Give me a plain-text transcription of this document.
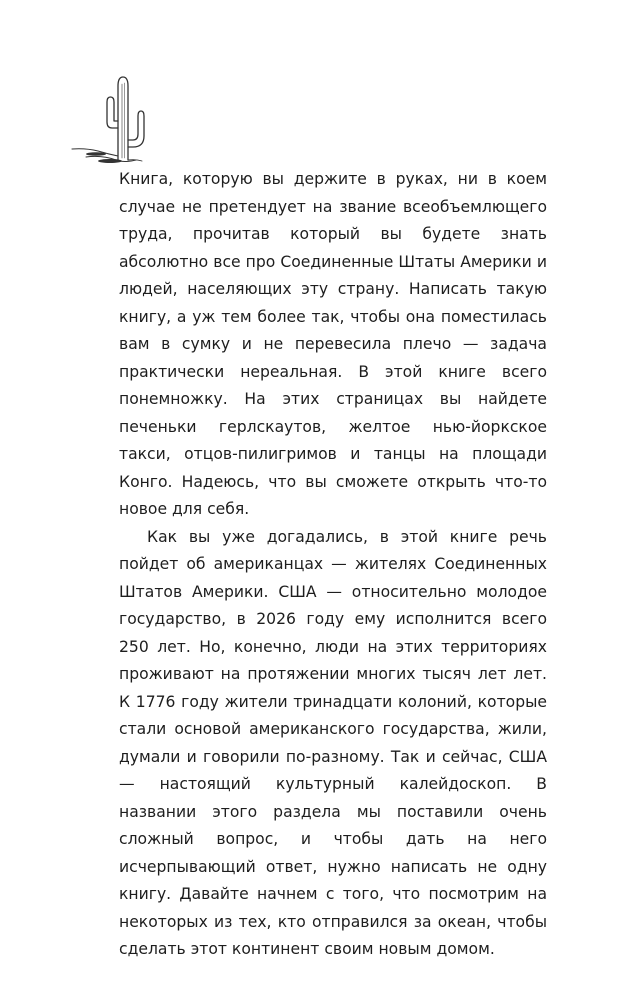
Книга, которую вы держите в руках, ни в коем случае не претендует на звание всеобъемлющего труда, прочитав который вы будете знать абсолютно все про Соединенные Штаты Америки и людей, населяющих эту страну. Написать такую книгу, а уж тем более так, чтобы она поместилась вам в сумку и не перевесила плечо — задача практически нереальная. В этой книге всего понемножку. На этих страницах вы найдете печеньки герлскаутов, желтое нью-йоркское такси, отцов-пилигримов и танцы на площади Конго. Надеюсь, что вы сможете открыть что-то новое для себя.

Как вы уже догадались, в этой книге речь пойдет об американцах — жителях Соединенных Штатов Америки. США — относительно молодое государство, в 2026 году ему исполнится всего 250 лет. Но, конечно, люди на этих территориях проживают на протяжении многих тысяч лет лет. К 1776 году жители тринадцати колоний, которые стали основой американского государства, жили, думали и говорили по-разному. Так и сейчас, США — настоящий культурный калейдоскоп. В названии этого раздела мы поставили очень сложный вопрос, и чтобы дать на него исчерпывающий ответ, нужно написать не одну книгу. Давайте начнем с того, что посмотрим на некоторых из тех, кто отправился за океан, чтобы сделать этот континент своим новым домом.
